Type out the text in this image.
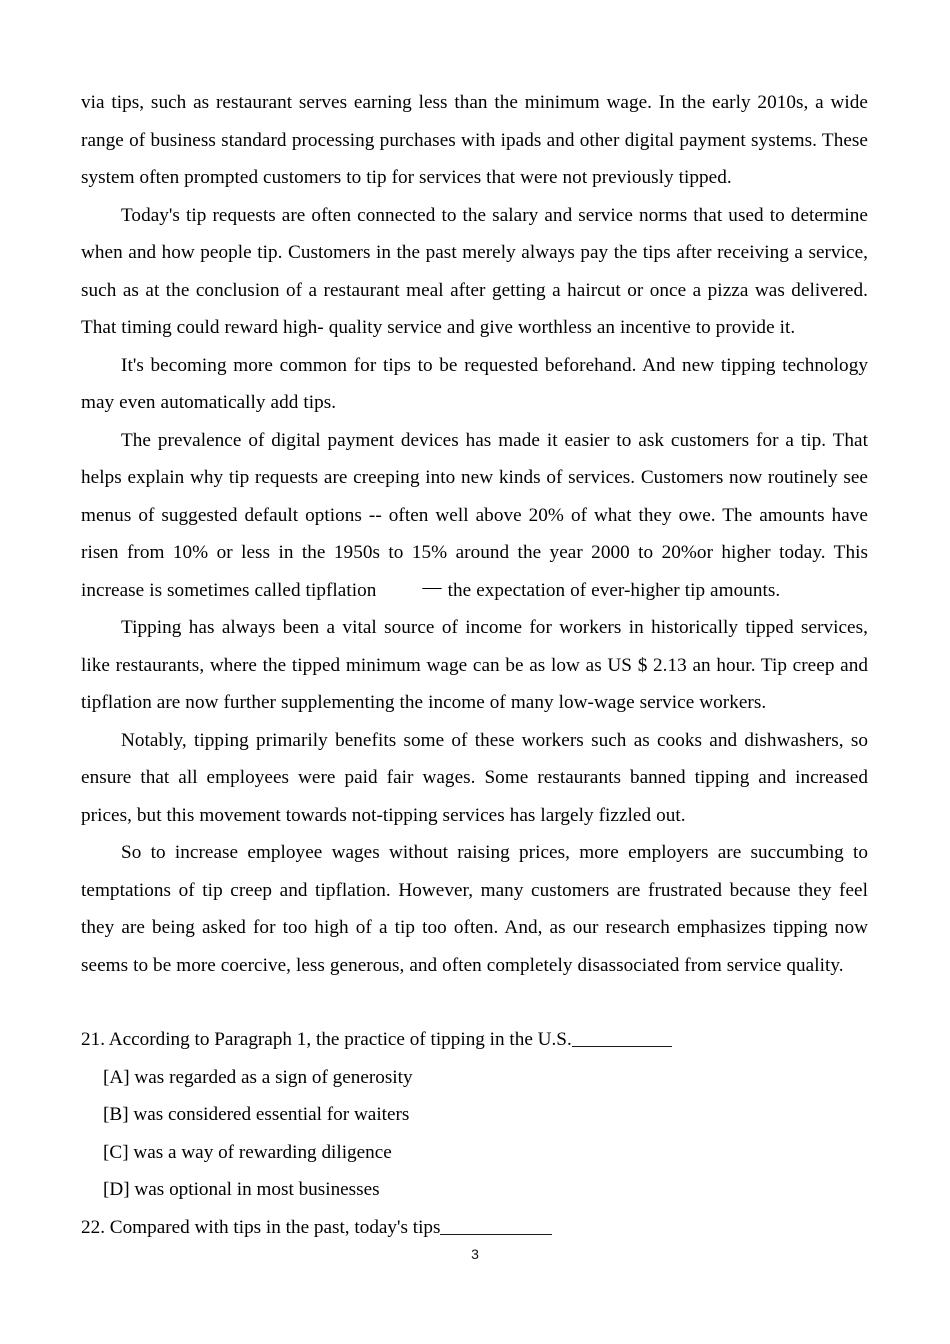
via tips, such as restaurant serves earning less than the minimum wage. In the early 2010s, a wide range of business standard processing purchases with ipads and other digital payment systems. These system often prompted customers to tip for services that were not previously tipped.

Today's tip requests are often connected to the salary and service norms that used to determine when and how people tip. Customers in the past merely always pay the tips after receiving a service, such as at the conclusion of a restaurant meal after getting a haircut or once a pizza was delivered. That timing could reward high- quality service and give worthless an incentive to provide it.

It's becoming more common for tips to be requested beforehand. And new tipping technology may even automatically add tips.

The prevalence of digital payment devices has made it easier to ask customers for a tip. That helps explain why tip requests are creeping into new kinds of services. Customers now routinely see menus of suggested default options -- often well above 20% of what they owe. The amounts have risen from 10% or less in the 1950s to 15% around the year 2000 to 20%or higher today. This increase is sometimes called tipflation — the expectation of ever-higher tip amounts.

Tipping has always been a vital source of income for workers in historically tipped services, like restaurants, where the tipped minimum wage can be as low as US $ 2.13 an hour. Tip creep and tipflation are now further supplementing the income of many low-wage service workers.

Notably, tipping primarily benefits some of these workers such as cooks and dishwashers, so ensure that all employees were paid fair wages. Some restaurants banned tipping and increased prices, but this movement towards not-tipping services has largely fizzled out.

So to increase employee wages without raising prices, more employers are succumbing to temptations of tip creep and tipflation. However, many customers are frustrated because they feel they are being asked for too high of a tip too often. And, as our research emphasizes tipping now seems to be more coercive, less generous, and often completely disassociated from service quality.

21. According to Paragraph 1, the practice of tipping in the U.S.

[A] was regarded as a sign of generosity

[B] was considered essential for waiters

[C] was a way of rewarding diligence

[D] was optional in most businesses

22. Compared with tips in the past, today's tips

3
